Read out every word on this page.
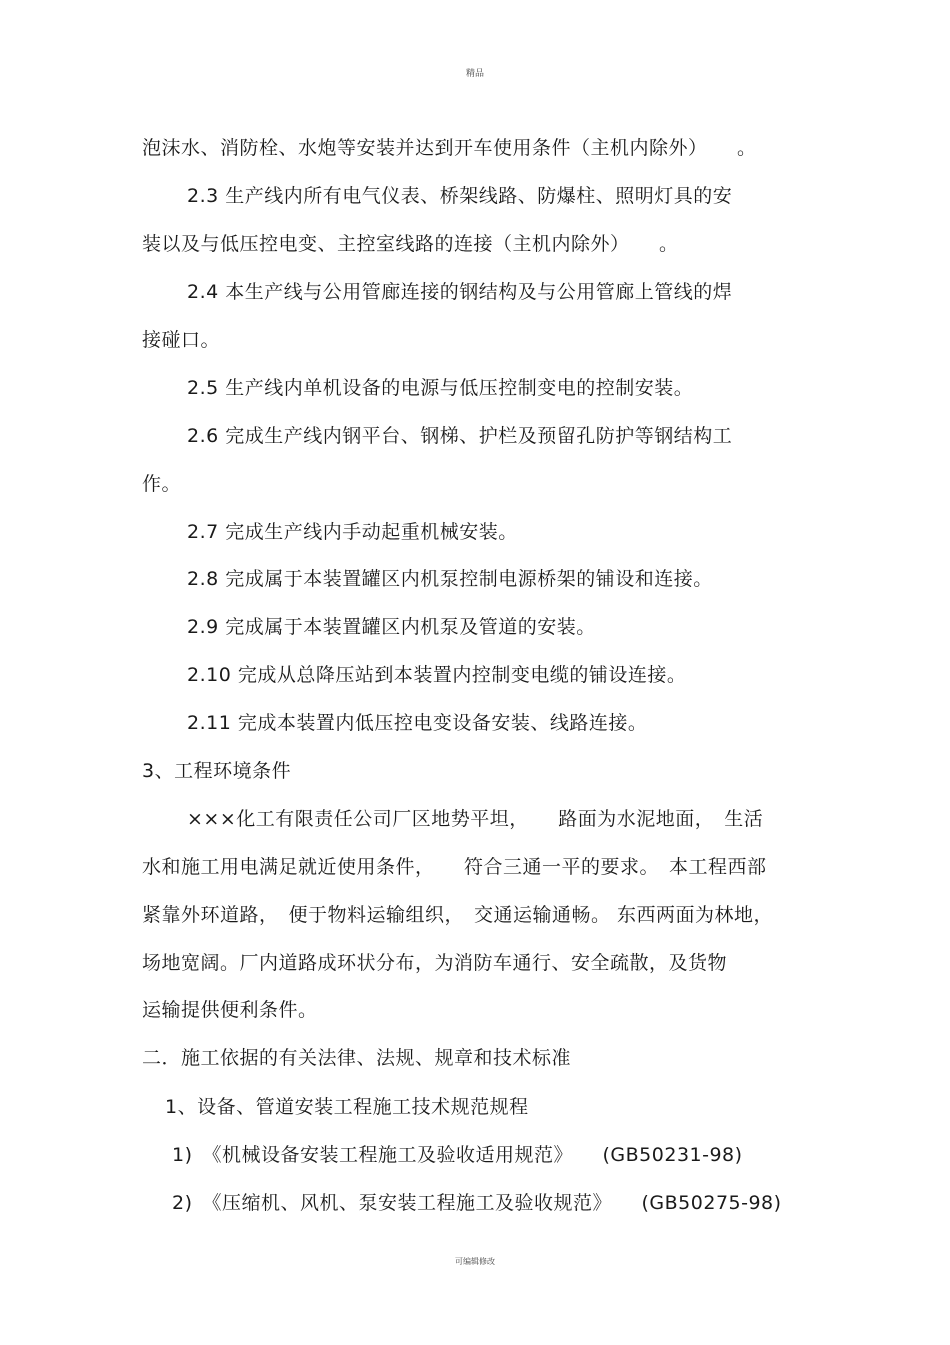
精品
泡沫水、消防栓、水炮等安装并达到开车使用条件（主机内除外）　　。
2.3 生产线内所有电气仪表、桥架线路、防爆柱、照明灯具的安
装以及与低压控电变、主控室线路的连接（主机内除外）　　。
2.4 本生产线与公用管廊连接的钢结构及与公用管廊上管线的焊
接碰口。
2.5 生产线内单机设备的电源与低压控制变电的控制安装。
2.6 完成生产线内钢平台、钢梯、护栏及预留孔防护等钢结构工
作。
2.7 完成生产线内手动起重机械安装。
2.8 完成属于本装置罐区内机泵控制电源桥架的铺设和连接。
2.9 完成属于本装置罐区内机泵及管道的安装。
2.10 完成从总降压站到本装置内控制变电缆的铺设连接。
2.11 完成本装置内低压控电变设备安装、线路连接。
3、工程环境条件
×××化工有限责任公司厂区地势平坦，　　路面为水泥地面，　生活
水和施工用电满足就近使用条件，　　符合三通一平的要求。　本工程西部
紧靠外环道路，　便于物料运输组织，　交通运输通畅。 东西两面为林地，
场地宽阔。厂内道路成环状分布，为消防车通行、安全疏散，及货物
运输提供便利条件。
二．施工依据的有关法律、法规、规章和技术标准
1、设备、管道安装工程施工技术规范规程
1)　《机械设备安装工程施工及验收适用规范》　　(GB50231-98)
2)　《压缩机、风机、泵安装工程施工及验收规范》　　(GB50275-98)
可编辑修改
